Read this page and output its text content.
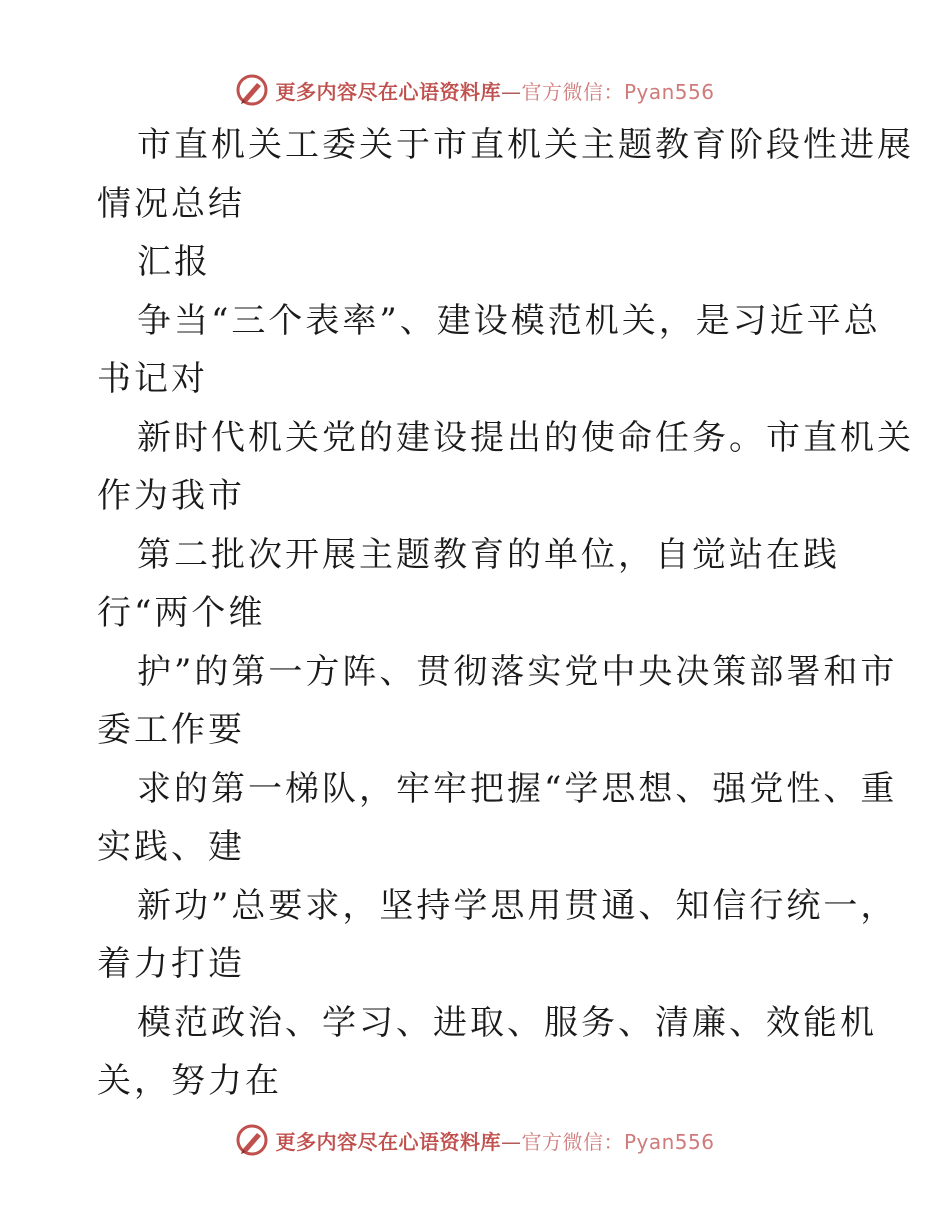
更多内容尽在心语资料库—官方微信：Pyan556
市直机关工委关于市直机关主题教育阶段性进展
情况总结
汇报
争当“三个表率”、建设模范机关，是习近平总
书记对
新时代机关党的建设提出的使命任务。市直机关
作为我市
第二批次开展主题教育的单位，自觉站在践
行“两个维
护”的第一方阵、贯彻落实党中央决策部署和市
委工作要
求的第一梯队，牢牢把握“学思想、强党性、重
实践、建
新功”总要求，坚持学思用贯通、知信行统一，
着力打造
模范政治、学习、进取、服务、清廉、效能机
关，努力在
更多内容尽在心语资料库—官方微信：Pyan556
